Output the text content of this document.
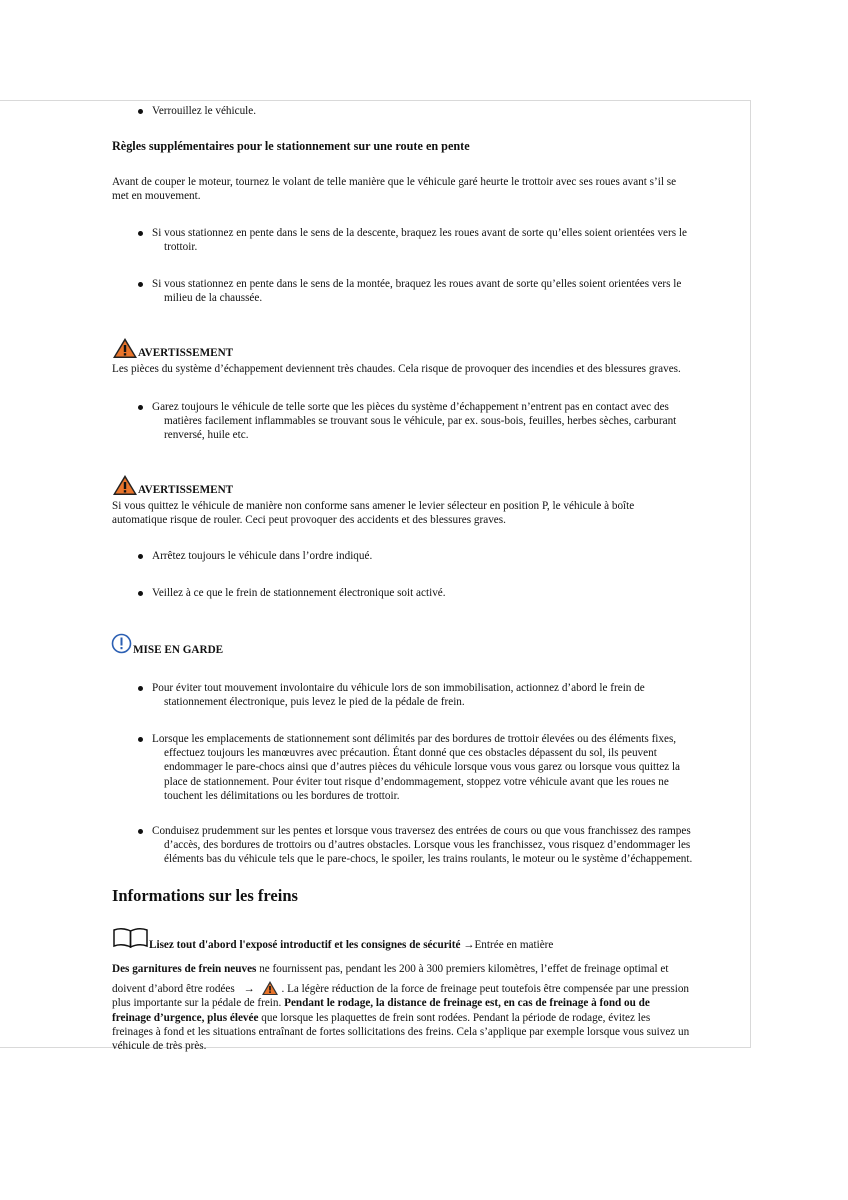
Verrouillez le véhicule.
Règles supplémentaires pour le stationnement sur une route en pente
Avant de couper le moteur, tournez le volant de telle manière que le véhicule garé heurte le trottoir avec ses roues avant s’il se
met en mouvement.
Si vous stationnez en pente dans le sens de la descente, braquez les roues avant de sorte qu’elles soient orientées vers le
trottoir.
Si vous stationnez en pente dans le sens de la montée, braquez les roues avant de sorte qu’elles soient orientées vers le
milieu de la chaussée.
AVERTISSEMENT
Les pièces du système d’échappement deviennent très chaudes. Cela risque de provoquer des incendies et des blessures graves.
Garez toujours le véhicule de telle sorte que les pièces du système d’échappement n’entrent pas en contact avec des
matières facilement inflammables se trouvant sous le véhicule, par ex. sous-bois, feuilles, herbes sèches, carburant
renversé, huile etc.
AVERTISSEMENT
Si vous quittez le véhicule de manière non conforme sans amener le levier sélecteur en position P, le véhicule à boîte
automatique risque de rouler. Ceci peut provoquer des accidents et des blessures graves.
Arrêtez toujours le véhicule dans l’ordre indiqué.
Veillez à ce que le frein de stationnement électronique soit activé.
MISE EN GARDE
Pour éviter tout mouvement involontaire du véhicule lors de son immobilisation, actionnez d’abord le frein de
stationnement électronique, puis levez le pied de la pédale de frein.
Lorsque les emplacements de stationnement sont délimités par des bordures de trottoir élevées ou des éléments fixes,
effectuez toujours les manœuvres avec précaution. Étant donné que ces obstacles dépassent du sol, ils peuvent
endommager le pare-chocs ainsi que d’autres pièces du véhicule lorsque vous vous garez ou lorsque vous quittez la
place de stationnement. Pour éviter tout risque d’endommagement, stoppez votre véhicule avant que les roues ne
touchent les délimitations ou les bordures de trottoir.
Conduisez prudemment sur les pentes et lorsque vous traversez des entrées de cours ou que vous franchissez des rampes
d’accès, des bordures de trottoirs ou d’autres obstacles. Lorsque vous les franchissez, vous risquez d’endommager les
éléments bas du véhicule tels que le pare-chocs, le spoiler, les trains roulants, le moteur ou le système d’échappement.
Informations sur les freins
Lisez tout d'abord l'exposé introductif et les consignes de sécurité →Entrée en matière
Des garnitures de frein neuves ne fournissent pas, pendant les 200 à 300 premiers kilomètres, l’effet de freinage optimal et
doivent d’abord être rodées → . La légère réduction de la force de freinage peut toutefois être compensée par une pression
plus importante sur la pédale de frein. Pendant le rodage, la distance de freinage est, en cas de freinage à fond ou de
freinage d’urgence, plus élevée que lorsque les plaquettes de frein sont rodées. Pendant la période de rodage, évitez les
freinages à fond et les situations entraînant de fortes sollicitations des freins. Cela s’applique par exemple lorsque vous suivez un
véhicule de très près.
